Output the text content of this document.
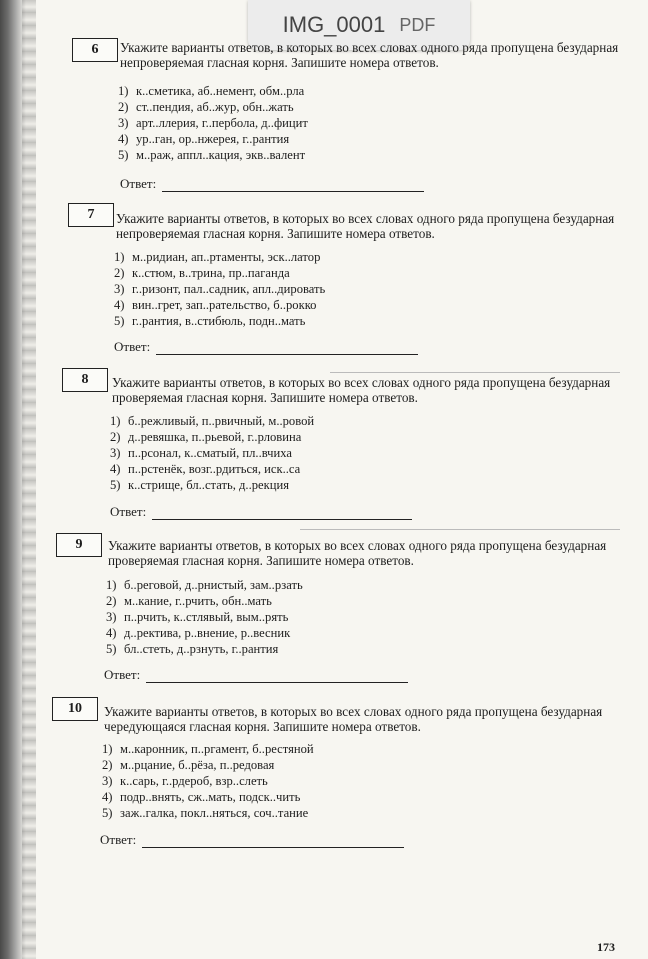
IMG_0001 PDF
6	Укажите варианты ответов, в которых во всех словах одного ряда пропущена безударная непроверяемая гласная корня. Запишите номера ответов.
1) к..сметика, аб..немент, обм..рла
2) ст..пендия, аб..жур, обн..жать
3) арт..ллерия, г..пербола, д..фицит
4) ур..ган, ор..нжерея, г..рантия
5) м..раж, аппл..кация, экв..валент
Ответ:
7	Укажите варианты ответов, в которых во всех словах одного ряда пропущена безударная непроверяемая гласная корня. Запишите номера ответов.
1) м..ридиан, ап..ртаменты, эск..латор
2) к..стюм, в..трина, пр..паганда
3) г..ризонт, пал..садник, апл..дировать
4) вин..грет, зап..рательство, б..рокко
5) г..рантия, в..стибюль, подн..мать
Ответ:
8	Укажите варианты ответов, в которых во всех словах одного ряда пропущена безударная проверяемая гласная корня. Запишите номера ответов.
1) б..режливый, п..рвичный, м..ровой
2) д..ревяшка, п..рьевой, г..рловина
3) п..рсонал, к..сматый, пл..вчиха
4) п..рстенёк, возг..рдиться, иск..са
5) к..стрище, бл..стать, д..рекция
Ответ:
9	Укажите варианты ответов, в которых во всех словах одного ряда пропущена безударная проверяемая гласная корня. Запишите номера ответов.
1) б..реговой, д..рнистый, зам..рзать
2) м..кание, г..рчить, обн..мать
3) п..рчить, к..стлявый, вым..рять
4) д..ректива, р..внение, р..весник
5) бл..стеть, д..рзнуть, г..рантия
Ответ:
10	Укажите варианты ответов, в которых во всех словах одного ряда пропущена безударная чередующаяся гласная корня. Запишите номера ответов.
1) м..каронник, п..ргамент, б..рестяной
2) м..рцание, б..рёза, п..редовая
3) к..сарь, г..рдероб, взр..слеть
4) подр..внять, сж..мать, подск..чить
5) заж..галка, покл..няться, соч..тание
Ответ:
173
